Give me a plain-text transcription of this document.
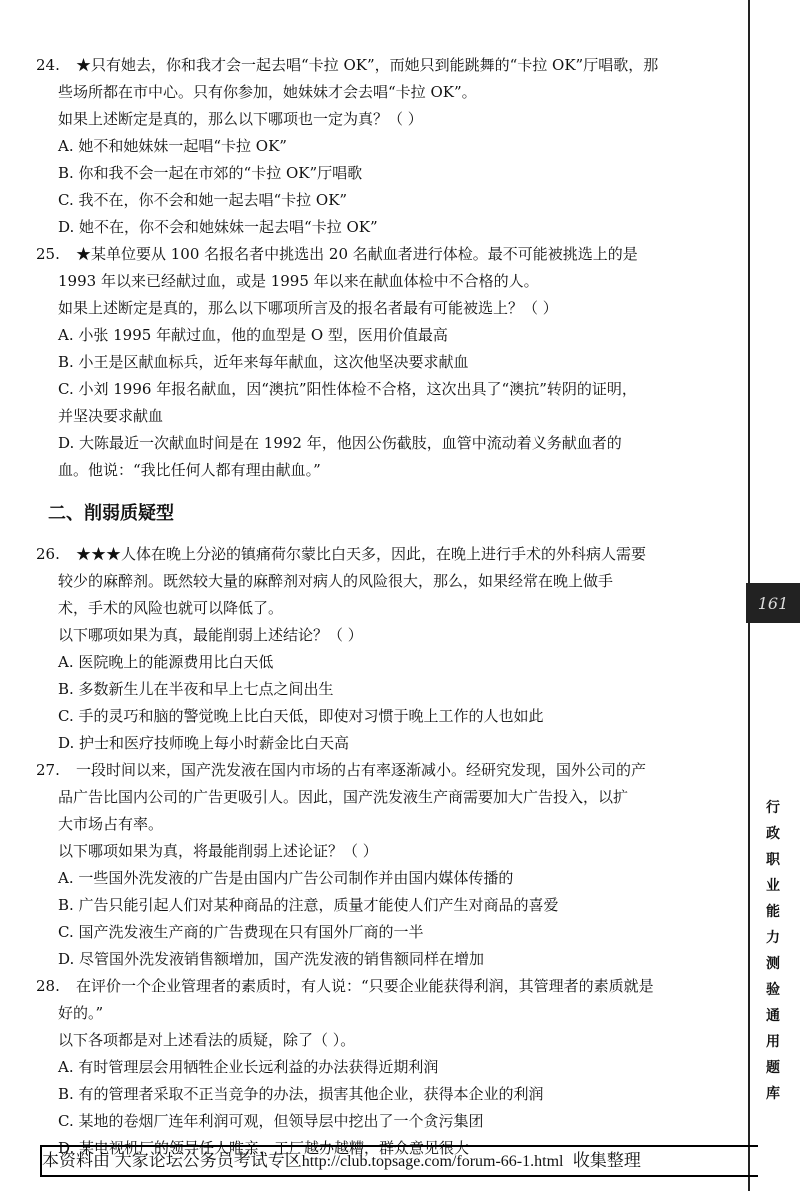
24. ★只有她去，你和我才会一起去唱“卡拉 OK”，而她只到能跳舞的“卡拉 OK”厅唱歌，那
些场所都在市中心。只有你参加，她妹妹才会去唱“卡拉 OK”。
如果上述断定是真的，那么以下哪项也一定为真？（ ）
A. 她不和她妹妹一起唱“卡拉 OK”
B. 你和我不会一起在市郊的“卡拉 OK”厅唱歌
C. 我不在，你不会和她一起去唱“卡拉 OK”
D. 她不在，你不会和她妹妹一起去唱“卡拉 OK”
25. ★某单位要从 100 名报名者中挑选出 20 名献血者进行体检。最不可能被挑选上的是
1993 年以来已经献过血，或是 1995 年以来在献血体检中不合格的人。
如果上述断定是真的，那么以下哪项所言及的报名者最有可能被选上？（ ）
A. 小张 1995 年献过血，他的血型是 O 型，医用价值最高
B. 小王是区献血标兵，近年来每年献血，这次他坚决要求献血
C. 小刘 1996 年报名献血，因“澳抗”阳性体检不合格，这次出具了“澳抗”转阴的证明，
并坚决要求献血
D. 大陈最近一次献血时间是在 1992 年，他因公伤截肢，血管中流动着义务献血者的
血。他说：“我比任何人都有理由献血。”
二、削弱质疑型
26. ★★★人体在晚上分泌的镇痛荷尔蒙比白天多，因此，在晚上进行手术的外科病人需要
较少的麻醉剂。既然较大量的麻醉剂对病人的风险很大，那么，如果经常在晚上做手
术，手术的风险也就可以降低了。
以下哪项如果为真，最能削弱上述结论？（ ）
A. 医院晚上的能源费用比白天低
B. 多数新生儿在半夜和早上七点之间出生
C. 手的灵巧和脑的警觉晚上比白天低，即使对习惯于晚上工作的人也如此
D. 护士和医疗技师晚上每小时薪金比白天高
27. 一段时间以来，国产洗发液在国内市场的占有率逐渐减小。经研究发现，国外公司的产
品广告比国内公司的广告更吸引人。因此，国产洗发液生产商需要加大广告投入，以扩
大市场占有率。
以下哪项如果为真，将最能削弱上述论证？（ ）
A. 一些国外洗发液的广告是由国内广告公司制作并由国内媒体传播的
B. 广告只能引起人们对某种商品的注意，质量才能使人们产生对商品的喜爱
C. 国产洗发液生产商的广告费现在只有国外厂商的一半
D. 尽管国外洗发液销售额增加，国产洗发液的销售额同样在增加
28. 在评价一个企业管理者的素质时，有人说：“只要企业能获得利润，其管理者的素质就是
好的。”
以下各项都是对上述看法的质疑，除了（ ）。
A. 有时管理层会用牺牲企业长远利益的办法获得近期利润
B. 有的管理者采取不正当竞争的办法，损害其他企业，获得本企业的利润
C. 某地的卷烟厂连年利润可观，但领导层中挖出了一个贪污集团
D. 某电视机厂的领导任人唯亲，工厂越办越糟，群众意见很大
161
行
政
职
业
能
力
测
验
通
用
题
库
本资料由 大家论坛公务员考试专区http://club.topsage.com/forum-66-1.html 收集整理
